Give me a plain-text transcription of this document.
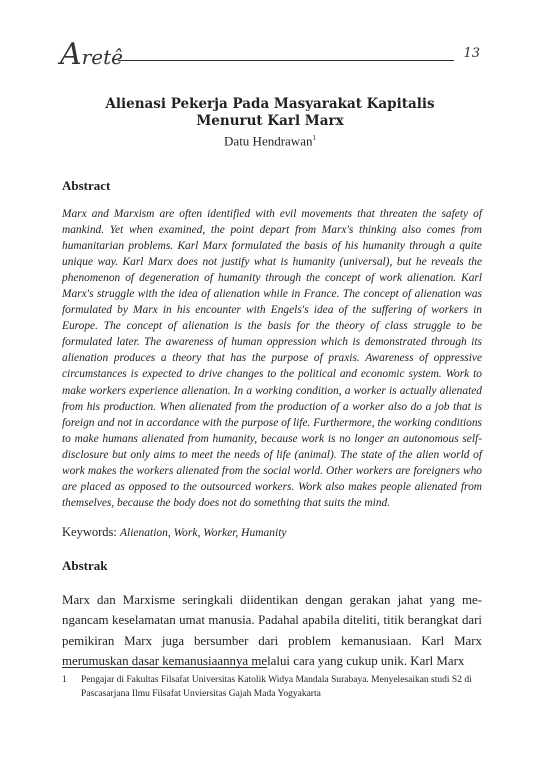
Aretê	13
Alienasi Pekerja Pada Masyarakat Kapitalis
Menurut Karl Marx
Datu Hendrawan$^1$
Abstract

Marx and Marxism are often identified with evil movements that threaten the safety of mankind. Yet when examined, the point depart from Marx's thinking also comes from humanitarian problems. Karl Marx formulated the basis of his humanity through a quite unique way. Karl Marx does not justify what is humanity (universal), but he reveals the phenomenon of degeneration of humanity through the concept of work alienation. Karl Marx's struggle with the idea of alienation while in France. The concept of alienation was formulated by Marx in his encounter with Engels's idea of the suffering of workers in Europe. The concept of alienation is the basis for the theory of class struggle to be formulated later. The awareness of human oppression which is demonstrated through its alienation produces a theory that has the purpose of praxis. Awareness of oppressive circumstances is expected to drive changes to the political and economic system. Work to make workers experience alienation. In a working condition, a worker is actually alienated from his production. When alienated from the production of a worker also do a job that is foreign and not in accordance with the purpose of life. Furthermore, the working conditions to make humans alienated from humanity, because work is no longer an autonomous self-disclosure but only aims to meet the needs of life (animal). The state of the alien world of work makes the workers alienated from the social world. Other workers are foreigners who are placed as opposed to the outsourced workers. Work also makes people alienated from themselves, because the body does not do something that suits the mind.

Keywords: Alienation, Work, Worker, Humanity
Abstrak

Marx dan Marxisme seringkali diidentikan dengan gerakan jahat yang mengancam keselamatan umat manusia. Padahal apabila diteliti, titik berangkat dari pemikiran Marx juga bersumber dari problem kemanusiaan. Karl Marx merumuskan dasar kemanusiaannya melalui cara yang cukup unik. Karl Marx

1	Pengajar di Fakultas Filsafat Universitas Katolik Widya Mandala Surabaya. Menyelesaikan studi S2 di Pascasarjana Ilmu Filsafat Unviersitas Gajah Mada Yogyakarta
